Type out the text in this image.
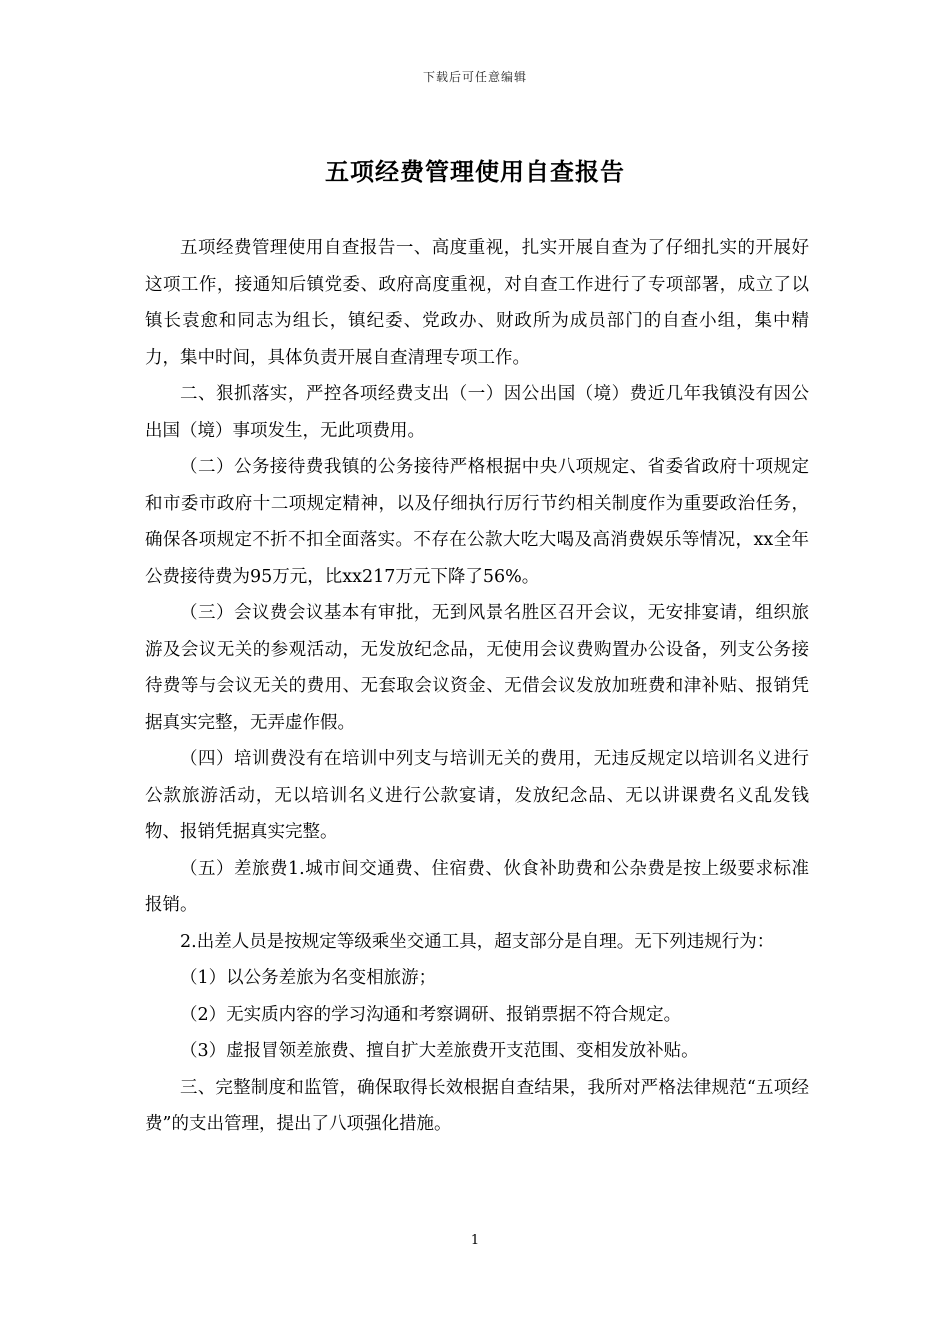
下载后可任意编辑
五项经费管理使用自查报告

五项经费管理使用自查报告一、高度重视，扎实开展自查为了仔细扎实的开展好这项工作，接通知后镇党委、政府高度重视，对自查工作进行了专项部署，成立了以镇长袁愈和同志为组长，镇纪委、党政办、财政所为成员部门的自查小组，集中精力，集中时间，具体负责开展自查清理专项工作。

二、狠抓落实，严控各项经费支出（一）因公出国（境）费近几年我镇没有因公出国（境）事项发生，无此项费用。

（二）公务接待费我镇的公务接待严格根据中央八项规定、省委省政府十项规定和市委市政府十二项规定精神，以及仔细执行厉行节约相关制度作为重要政治任务，确保各项规定不折不扣全面落实。不存在公款大吃大喝及高消费娱乐等情况，xx全年公费接待费为95万元，比xx217万元下降了56%。

（三）会议费会议基本有审批，无到风景名胜区召开会议，无安排宴请，组织旅游及会议无关的参观活动，无发放纪念品，无使用会议费购置办公设备，列支公务接待费等与会议无关的费用、无套取会议资金、无借会议发放加班费和津补贴、报销凭据真实完整，无弄虚作假。

（四）培训费没有在培训中列支与培训无关的费用，无违反规定以培训名义进行公款旅游活动，无以培训名义进行公款宴请，发放纪念品、无以讲课费名义乱发钱物、报销凭据真实完整。

（五）差旅费1.城市间交通费、住宿费、伙食补助费和公杂费是按上级要求标准报销。

2.出差人员是按规定等级乘坐交通工具，超支部分是自理。无下列违规行为：

（1）以公务差旅为名变相旅游；

（2）无实质内容的学习沟通和考察调研、报销票据不符合规定。

（3）虚报冒领差旅费、擅自扩大差旅费开支范围、变相发放补贴。

三、完整制度和监管，确保取得长效根据自查结果，我所对严格法律规范“五项经费”的支出管理，提出了八项强化措施。

1
